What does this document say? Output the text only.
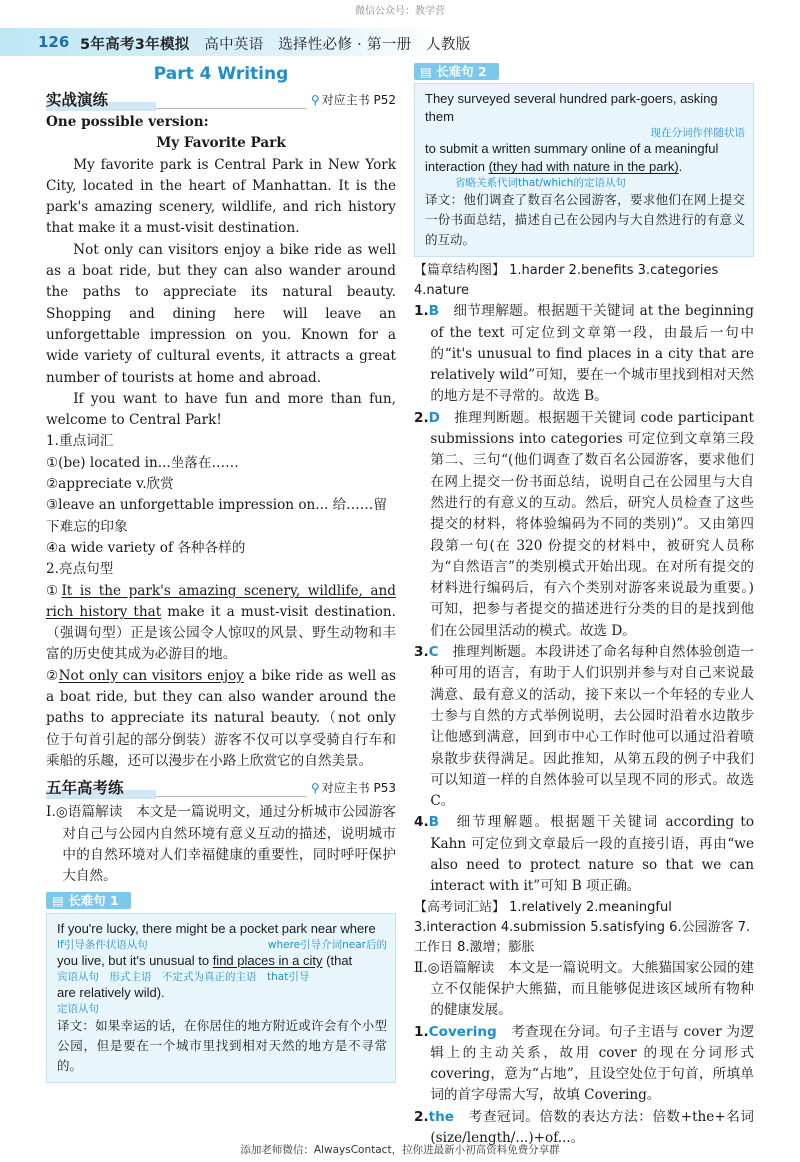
微信公众号：教学营
126 5年高考3年模拟 高中英语 选择性必修 · 第一册 人教版
Part 4 Writing
实战演练	⚲ 对应主书 P52
One possible version:
My Favorite Park

My favorite park is Central Park in New York City, located in the heart of Manhattan. It is the park's amazing scenery, wildlife, and rich history that make it a must-visit destination.

Not only can visitors enjoy a bike ride as well as a boat ride, but they can also wander around the paths to appreciate its natural beauty. Shopping and dining here will leave an unforgettable impression on you. Known for a wide variety of cultural events, it attracts a great number of tourists at home and abroad.

If you want to have fun and more than fun, welcome to Central Park!

1.重点词汇
①(be) located in...坐落在……
②appreciate v.欣赏
③leave an unforgettable impression on... 给……留下难忘的印象
④a wide variety of 各种各样的
2.亮点句型

①It is the park's amazing scenery, wildlife, and rich history that make it a must-visit destination.（强调句型）正是该公园令人惊叹的风景、野生动物和丰富的历史使其成为必游目的地。

②Not only can visitors enjoy a bike ride as well as a boat ride, but they can also wander around the paths to appreciate its natural beauty.（not only 位于句首引起的部分倒装）游客不仅可以享受骑自行车和乘船的乐趣，还可以漫步在小路上欣赏它的自然美景。

五年高考练	⚲ 对应主书 P53

Ⅰ.◎语篇解读　本文是一篇说明文，通过分析城市公园游客对自己与公园内自然环境有意义互动的描述，说明城市中的自然环境对人们幸福健康的重要性，同时呼吁保护大自然。

▤ 长难句 1
If you're lucky, there might be a pocket park near where
If引导条件状语从句	where引导介词near后的
you live, but it's unusual to find places in a city (that
宾语从句　形式主语　不定式为真正的主语　that引导
are relatively wild).
定语从句
译文：如果幸运的话，在你居住的地方附近或许会有个小型公园，但是要在一个城市里找到相对天然的地方是不寻常的。
▤ 长难句 2
They surveyed several hundred park-goers, asking them
现在分词作伴随状语
to submit a written summary online of a meaningful
interaction (they had with nature in the park).
省略关系代词that/which的定语从句
译文：他们调查了数百名公园游客，要求他们在网上提交一份书面总结，描述自己在公园内与大自然进行的有意义的互动。

【篇章结构图】 1.harder 2.benefits 3.categories 4.nature

1.B　 细节理解题。根据题干关键词 at the beginning of the text 可定位到文章第一段，由最后一句中的“it's unusual to find places in a city that are relatively wild”可知，要在一个城市里找到相对天然的地方是不寻常的。故选 B。

2.D　 推理判断题。根据题干关键词 code participant submissions into categories 可定位到文章第三段第二、三句“(他们调查了数百名公园游客，要求他们在网上提交一份书面总结，说明自己在公园里与大自然进行的有意义的互动。然后，研究人员检查了这些提交的材料，将体验编码为不同的类别)”。又由第四段第一句(在 320 份提交的材料中，被研究人员称为“自然语言”的类别模式开始出现。在对所有提交的材料进行编码后，有六个类别对游客来说最为重要。)可知，把参与者提交的描述进行分类的目的是找到他们在公园里活动的模式。故选 D。

3.C　 推理判断题。本段讲述了命名每种自然体验创造一种可用的语言，有助于人们识别并参与对自己来说最满意、最有意义的活动，接下来以一个年轻的专业人士参与自然的方式举例说明，去公园时沿着水边散步让他感到满意，回到市中心工作时他可以通过沿着喷泉散步获得满足。因此推知，从第五段的例子中我们可以知道一样的自然体验可以呈现不同的形式。故选 C。

4.B　 细节理解题。根据题干关键词 according to Kahn 可定位到文章最后一段的直接引语，再由“we also need to protect nature so that we can interact with it”可知 B 项正确。

【高考词汇站】 1.relatively 2.meaningful 3.interaction 4.submission 5.satisfying 6.公园游客 7.工作日 8.激增；膨胀

Ⅱ.◎语篇解读　本文是一篇说明文。大熊猫国家公园的建立不仅能保护大熊猫，而且能够促进该区域所有物种的健康发展。

1.Covering　 考查现在分词。句子主语与 cover 为逻辑上的主动关系，故用 cover 的现在分词形式 covering，意为“占地”，且设空处位于句首，所填单词的首字母需大写，故填 Covering。

2.the　 考查冠词。倍数的表达方法：倍数+the+名词(size/length/...)+of...。

添加老师微信：AlwaysContact，拉你进最新小初高资料免费分享群
